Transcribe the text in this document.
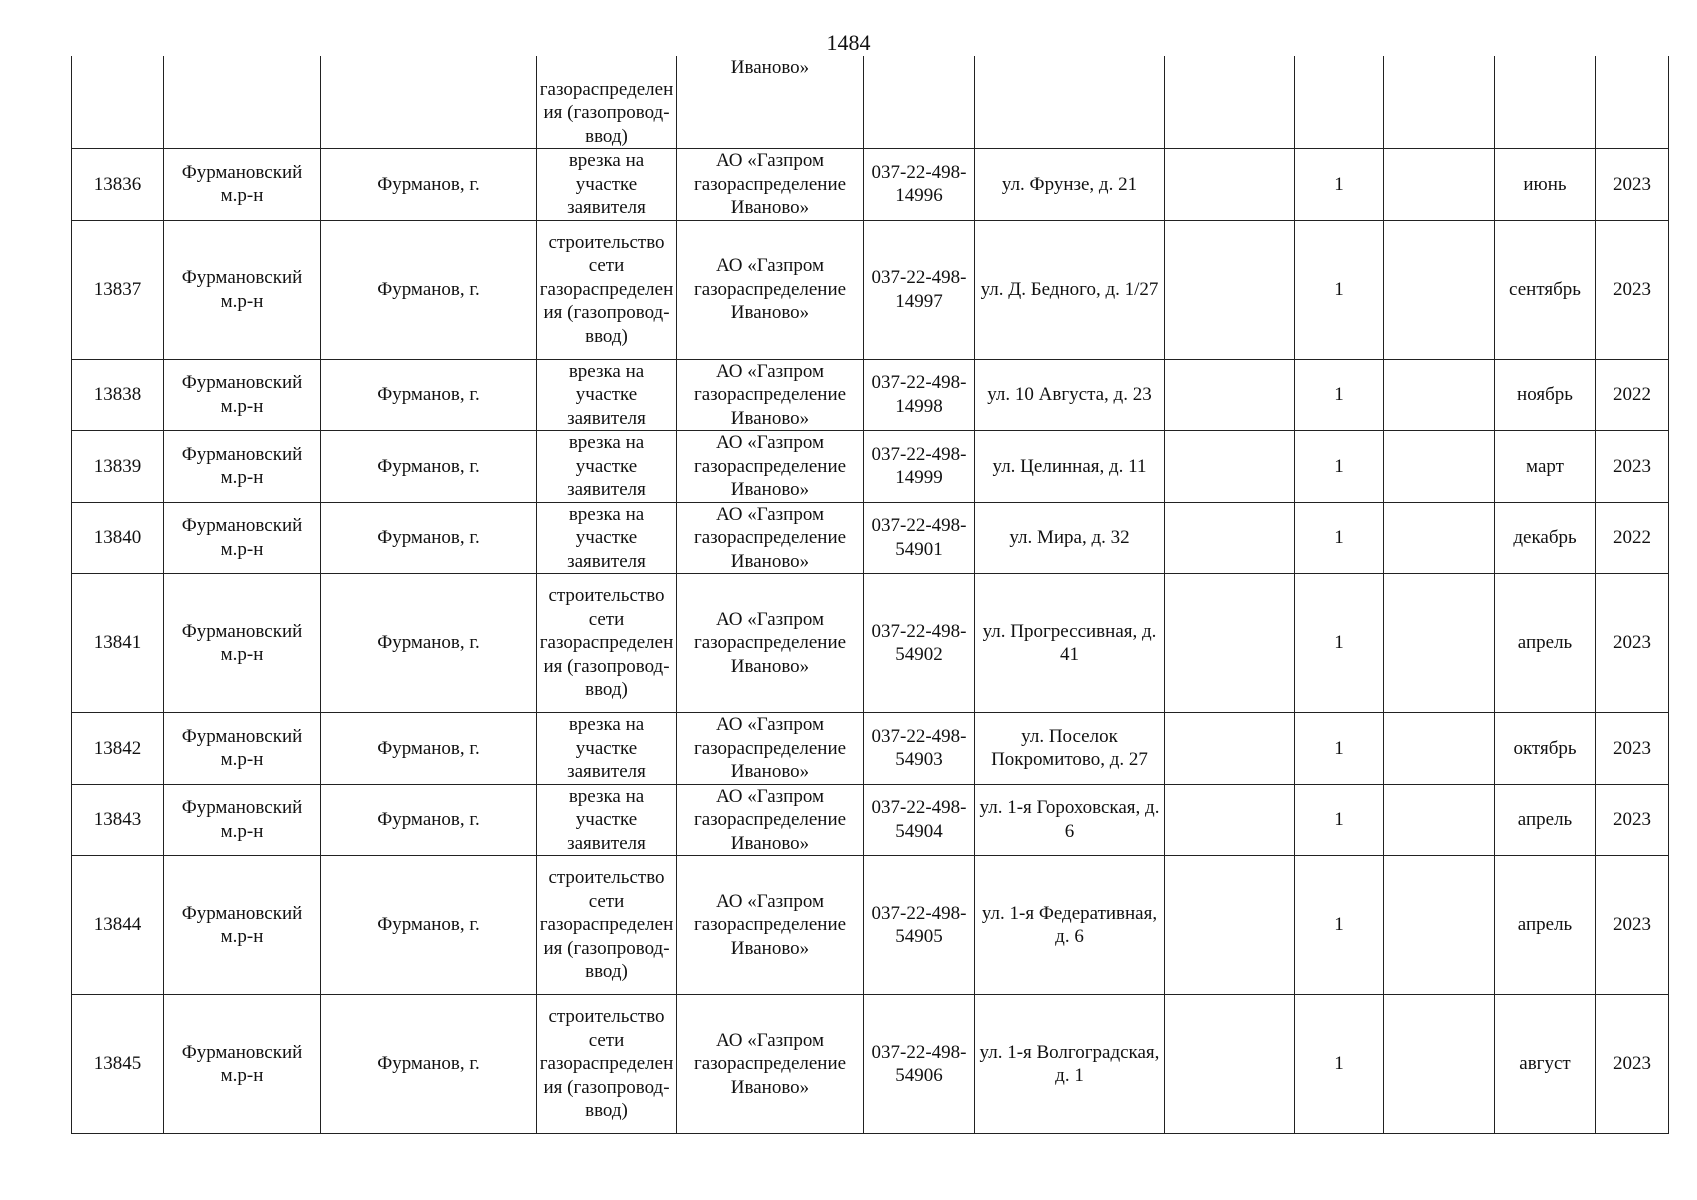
1484
			газораспределения (газопровод-ввод)	Иваново»							
13836	Фурмановский м.р-н	Фурманов, г.	врезка на участке заявителя	АО «Газпром газораспределение Иваново»	037-22-498-14996	ул. Фрунзе, д. 21		1		июнь	2023
13837	Фурмановский м.р-н	Фурманов, г.	строительство сети газораспределения (газопровод-ввод)	АО «Газпром газораспределение Иваново»	037-22-498-14997	ул. Д. Бедного, д. 1/27		1		сентябрь	2023
13838	Фурмановский м.р-н	Фурманов, г.	врезка на участке заявителя	АО «Газпром газораспределение Иваново»	037-22-498-14998	ул. 10 Августа, д. 23		1		ноябрь	2022
13839	Фурмановский м.р-н	Фурманов, г.	врезка на участке заявителя	АО «Газпром газораспределение Иваново»	037-22-498-14999	ул. Целинная, д. 11		1		март	2023
13840	Фурмановский м.р-н	Фурманов, г.	врезка на участке заявителя	АО «Газпром газораспределение Иваново»	037-22-498-54901	ул. Мира, д. 32		1		декабрь	2022
13841	Фурмановский м.р-н	Фурманов, г.	строительство сети газораспределения (газопровод-ввод)	АО «Газпром газораспределение Иваново»	037-22-498-54902	ул. Прогрессивная, д. 41		1		апрель	2023
13842	Фурмановский м.р-н	Фурманов, г.	врезка на участке заявителя	АО «Газпром газораспределение Иваново»	037-22-498-54903	ул. Поселок Покромитово, д. 27		1		октябрь	2023
13843	Фурмановский м.р-н	Фурманов, г.	врезка на участке заявителя	АО «Газпром газораспределение Иваново»	037-22-498-54904	ул. 1-я Гороховская, д. 6		1		апрель	2023
13844	Фурмановский м.р-н	Фурманов, г.	строительство сети газораспределения (газопровод-ввод)	АО «Газпром газораспределение Иваново»	037-22-498-54905	ул. 1-я Федеративная, д. 6		1		апрель	2023
13845	Фурмановский м.р-н	Фурманов, г.	строительство сети газораспределения (газопровод-ввод)	АО «Газпром газораспределение Иваново»	037-22-498-54906	ул. 1-я Волгоградская, д. 1		1		август	2023
